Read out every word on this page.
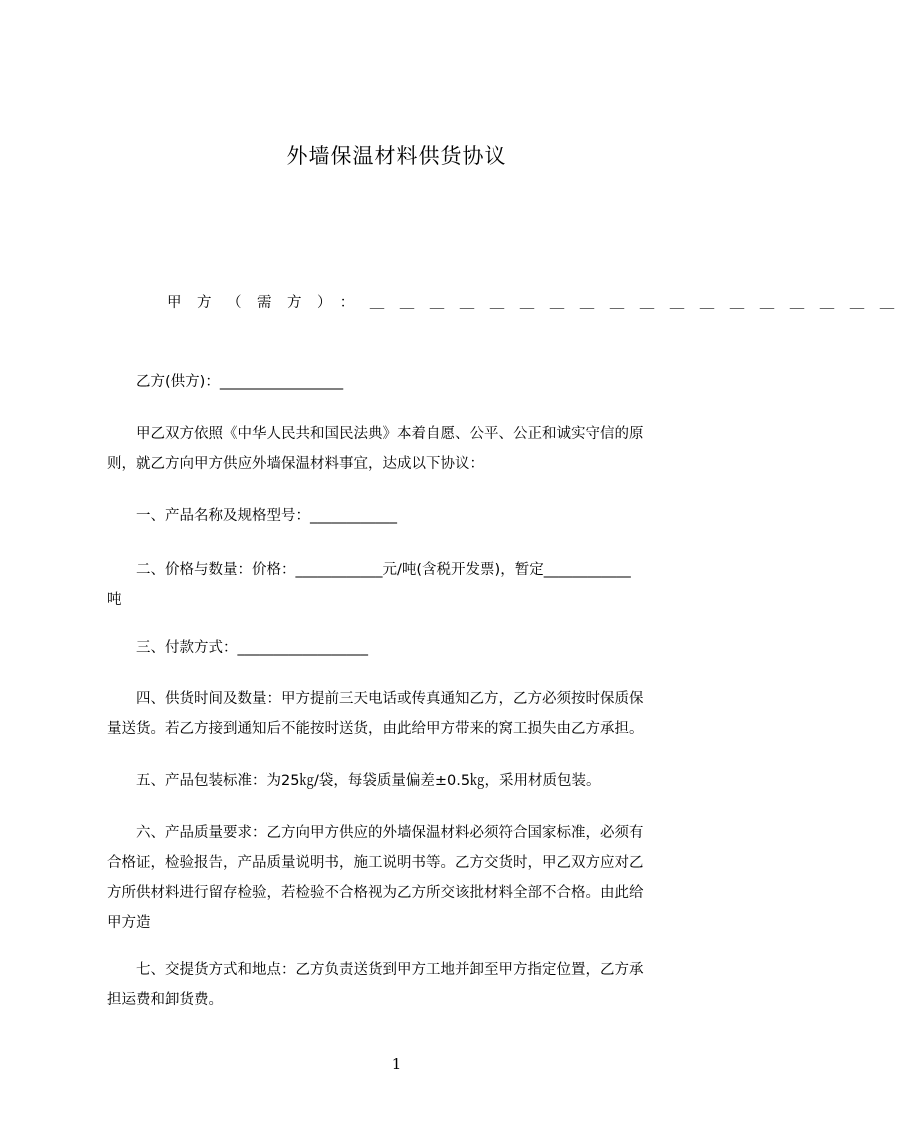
外墙保温材料供货协议
　　甲方（需方）：＿＿＿＿＿＿＿＿＿＿＿＿＿＿＿＿＿＿
　　乙方(供方)：_________________
　　甲乙双方依照《中华人民共和国民法典》本着自愿、公平、公正和诚实守信的原
则，就乙方向甲方供应外墙保温材料事宜，达成以下协议：
　　一、产品名称及规格型号：____________
　　二、价格与数量：价格：____________元/吨(含税开发票)，暂定____________
吨
　　三、付款方式：__________________
　　四、供货时间及数量：甲方提前三天电话或传真通知乙方，乙方必须按时保质保
量送货。若乙方接到通知后不能按时送货，由此给甲方带来的窝工损失由乙方承担。
　　五、产品包装标准：为25㎏/袋，每袋质量偏差±0.5㎏，采用材质包装。
　　六、产品质量要求：乙方向甲方供应的外墙保温材料必须符合国家标准，必须有
合格证，检验报告，产品质量说明书，施工说明书等。乙方交货时，甲乙双方应对乙
方所供材料进行留存检验，若检验不合格视为乙方所交该批材料全部不合格。由此给
甲方造
　　七、交提货方式和地点：乙方负责送货到甲方工地并卸至甲方指定位置，乙方承
担运费和卸货费。
1
